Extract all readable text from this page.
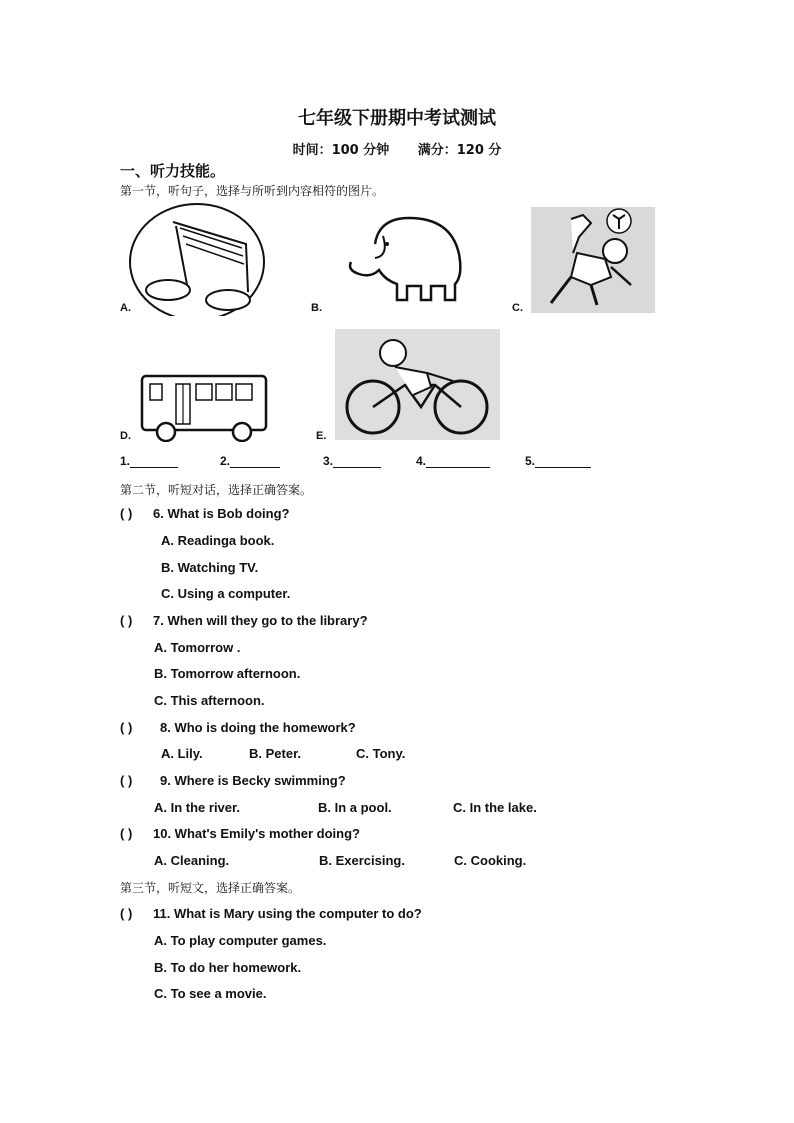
七年级下册期中考试测试
时间：100 分钟 满分：120 分
一、听力技能。
第一节，听句子，选择与所听到内容相符的图片。
A.	B.	C.
D.	E.
1.	2.	3.	4.	5.
第二节，听短对话，选择正确答案。
( ) 6. What is Bob doing?
A. Readinga book.
B. Watching TV.
C. Using a computer.
( ) 7. When will they go to the library?
A. Tomorrow .
B. Tomorrow afternoon.
C. This afternoon.
( ) 8. Who is doing the homework?
A. Lily.	B. Peter.	C. Tony.
( ) 9. Where is Becky swimming?
A. In the river.	B. In a pool.	C. In the lake.
( ) 10. What's Emily's mother doing?
A. Cleaning.	B. Exercising.	C. Cooking.
第三节，听短文，选择正确答案。
( ) 11. What is Mary using the computer to do?
A. To play computer games.
B. To do her homework.
C. To see a movie.
